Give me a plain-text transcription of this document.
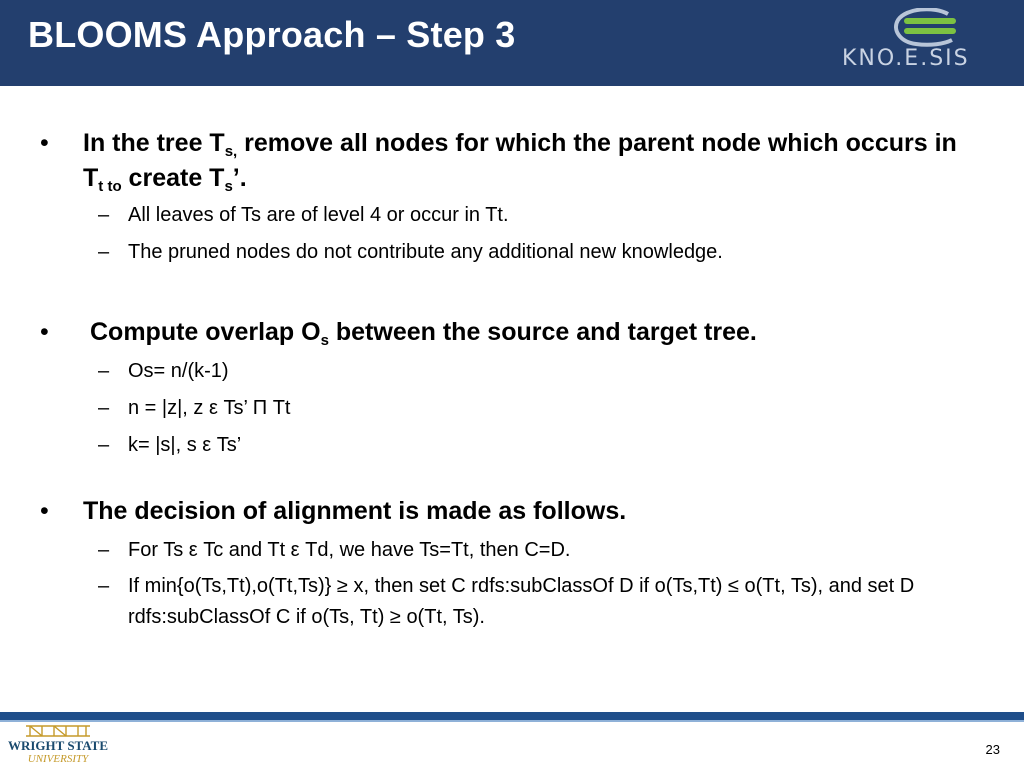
BLOOMS Approach – Step 3
KNO.E.SIS
• In the tree $T_{s,}$ remove all nodes for which the parent node which occurs in $T_{t to}$ create $T_s$’.
– All leaves of Ts are of level 4 or occur in Tt.
– The pruned nodes do not contribute any additional new knowledge.
• Compute overlap $O_s$ between the source and target tree.
– Os= n/(k-1)
– n = |z|, z ε Ts’ Π Tt
– k= |s|, s ε Ts’
• The decision of alignment is made as follows.
– For Ts ε Tc and Tt ε Td, we have Ts=Tt, then C=D.
– If min{o(Ts,Tt),o(Tt,Ts)} ≥ x, then set C rdfs:subClassOf D if o(Ts,Tt) ≤ o(Tt, Ts), and set D rdfs:subClassOf C if o(Ts, Tt) ≥ o(Tt, Ts).
WRIGHT STATE
UNIVERSITY
23
